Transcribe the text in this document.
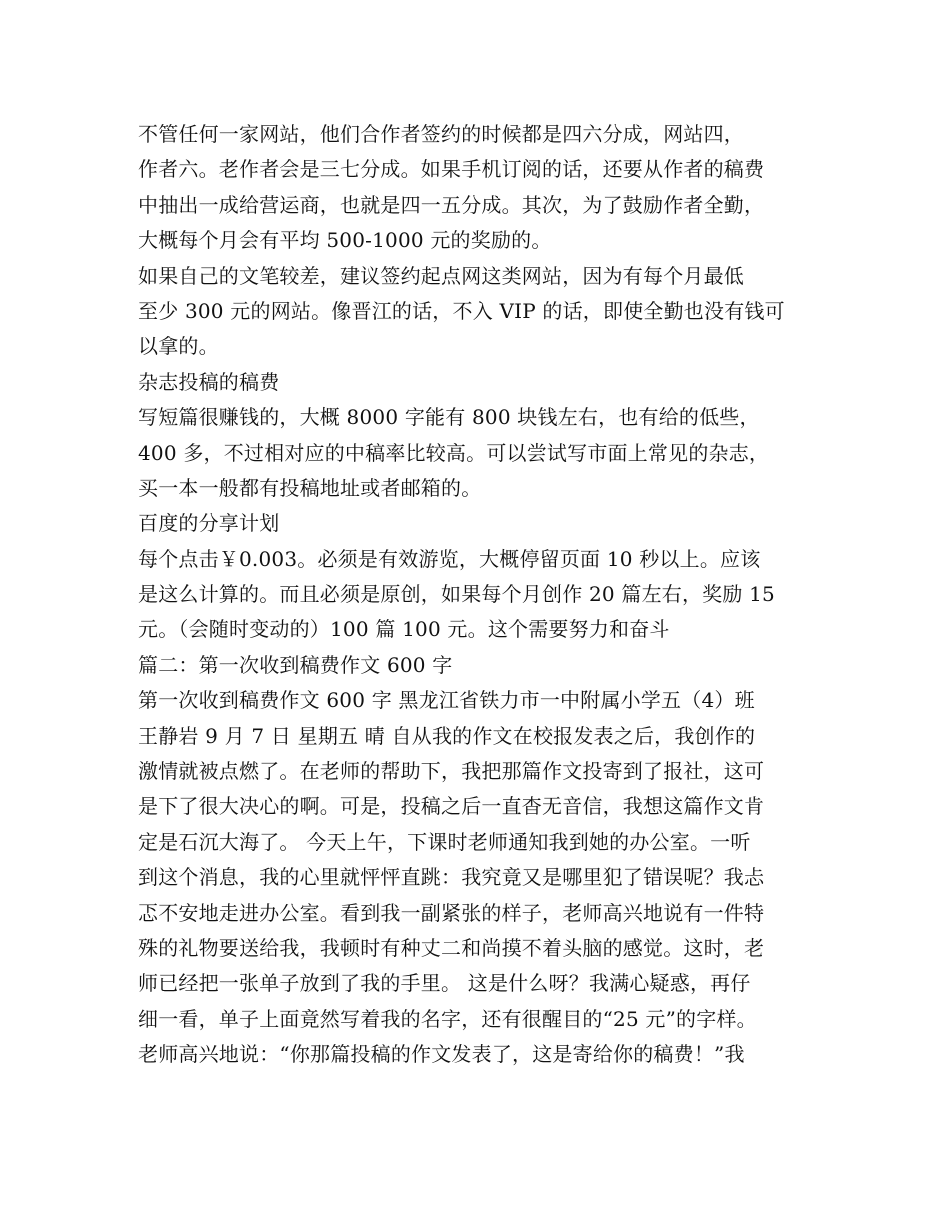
不管任何一家网站，他们合作者签约的时候都是四六分成，网站四，
作者六。老作者会是三七分成。如果手机订阅的话，还要从作者的稿费
中抽出一成给营运商，也就是四一五分成。其次，为了鼓励作者全勤，
大概每个月会有平均 500-1000 元的奖励的。
如果自己的文笔较差，建议签约起点网这类网站，因为有每个月最低
至少 300 元的网站。像晋江的话，不入 VIP 的话，即使全勤也没有钱可
以拿的。
杂志投稿的稿费
写短篇很赚钱的，大概 8000 字能有 800 块钱左右，也有给的低些，
400 多，不过相对应的中稿率比较高。可以尝试写市面上常见的杂志，
买一本一般都有投稿地址或者邮箱的。
百度的分享计划
每个点击￥0.003。必须是有效游览，大概停留页面 10 秒以上。应该
是这么计算的。而且必须是原创，如果每个月创作 20 篇左右，奖励 15
元。（会随时变动的）100 篇 100 元。这个需要努力和奋斗
篇二：第一次收到稿费作文 600 字
第一次收到稿费作文 600 字 黑龙江省铁力市一中附属小学五（4）班
王静岩 9 月 7 日 星期五 晴 自从我的作文在校报发表之后，我创作的
激情就被点燃了。在老师的帮助下，我把那篇作文投寄到了报社，这可
是下了很大决心的啊。可是，投稿之后一直杳无音信，我想这篇作文肯
定是石沉大海了。 今天上午，下课时老师通知我到她的办公室。一听
到这个消息，我的心里就怦怦直跳：我究竟又是哪里犯了错误呢？我忐
忑不安地走进办公室。看到我一副紧张的样子，老师高兴地说有一件特
殊的礼物要送给我，我顿时有种丈二和尚摸不着头脑的感觉。这时，老
师已经把一张单子放到了我的手里。 这是什么呀？我满心疑惑，再仔
细一看，单子上面竟然写着我的名字，还有很醒目的“25 元”的字样。
老师高兴地说：“你那篇投稿的作文发表了，这是寄给你的稿费！”我
